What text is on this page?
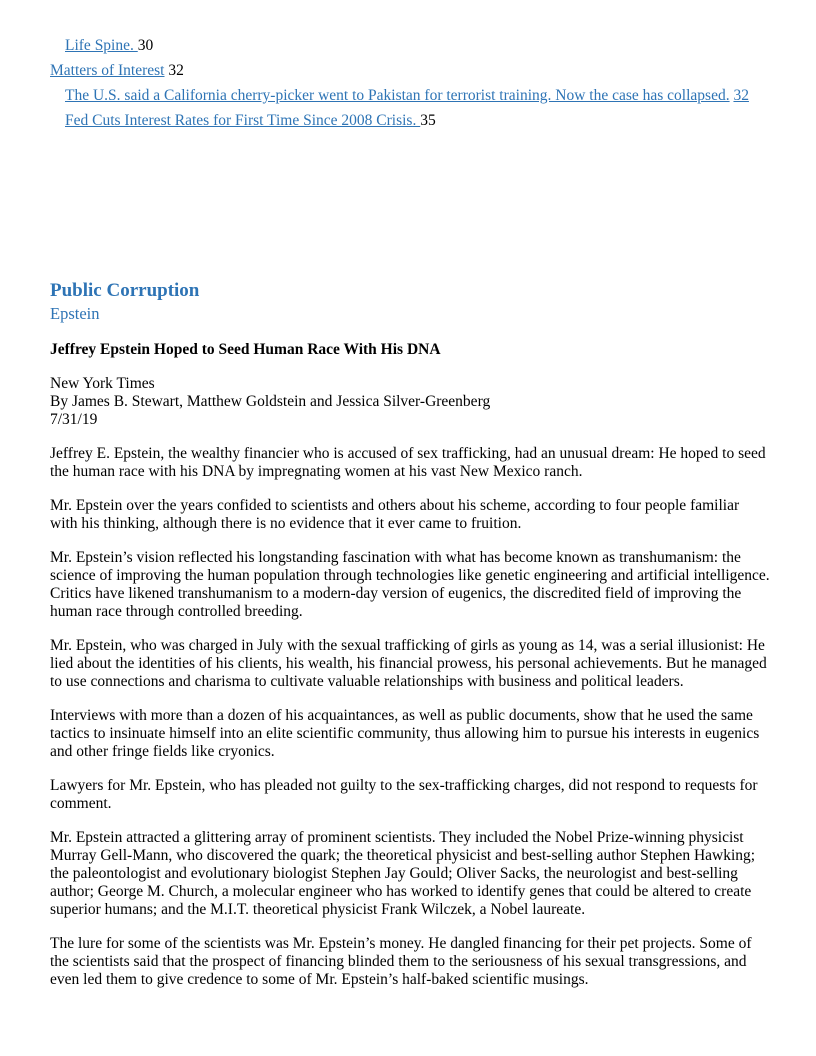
Life Spine. 30
Matters of Interest 32
The U.S. said a California cherry-picker went to Pakistan for terrorist training. Now the case has collapsed. 32
Fed Cuts Interest Rates for First Time Since 2008 Crisis. 35
Public Corruption
Epstein
Jeffrey Epstein Hoped to Seed Human Race With His DNA
New York Times
By James B. Stewart, Matthew Goldstein and Jessica Silver-Greenberg
7/31/19

Jeffrey E. Epstein, the wealthy financier who is accused of sex trafficking, had an unusual dream: He hoped to seed the human race with his DNA by impregnating women at his vast New Mexico ranch.

Mr. Epstein over the years confided to scientists and others about his scheme, according to four people familiar with his thinking, although there is no evidence that it ever came to fruition.

Mr. Epstein’s vision reflected his longstanding fascination with what has become known as transhumanism: the science of improving the human population through technologies like genetic engineering and artificial intelligence. Critics have likened transhumanism to a modern-day version of eugenics, the discredited field of improving the human race through controlled breeding.

Mr. Epstein, who was charged in July with the sexual trafficking of girls as young as 14, was a serial illusionist: He lied about the identities of his clients, his wealth, his financial prowess, his personal achievements. But he managed to use connections and charisma to cultivate valuable relationships with business and political leaders.

Interviews with more than a dozen of his acquaintances, as well as public documents, show that he used the same tactics to insinuate himself into an elite scientific community, thus allowing him to pursue his interests in eugenics and other fringe fields like cryonics.

Lawyers for Mr. Epstein, who has pleaded not guilty to the sex-trafficking charges, did not respond to requests for comment.

Mr. Epstein attracted a glittering array of prominent scientists. They included the Nobel Prize-winning physicist Murray Gell-Mann, who discovered the quark; the theoretical physicist and best-selling author Stephen Hawking; the paleontologist and evolutionary biologist Stephen Jay Gould; Oliver Sacks, the neurologist and best-selling author; George M. Church, a molecular engineer who has worked to identify genes that could be altered to create superior humans; and the M.I.T. theoretical physicist Frank Wilczek, a Nobel laureate.

The lure for some of the scientists was Mr. Epstein’s money. He dangled financing for their pet projects. Some of the scientists said that the prospect of financing blinded them to the seriousness of his sexual transgressions, and even led them to give credence to some of Mr. Epstein’s half-baked scientific musings.
